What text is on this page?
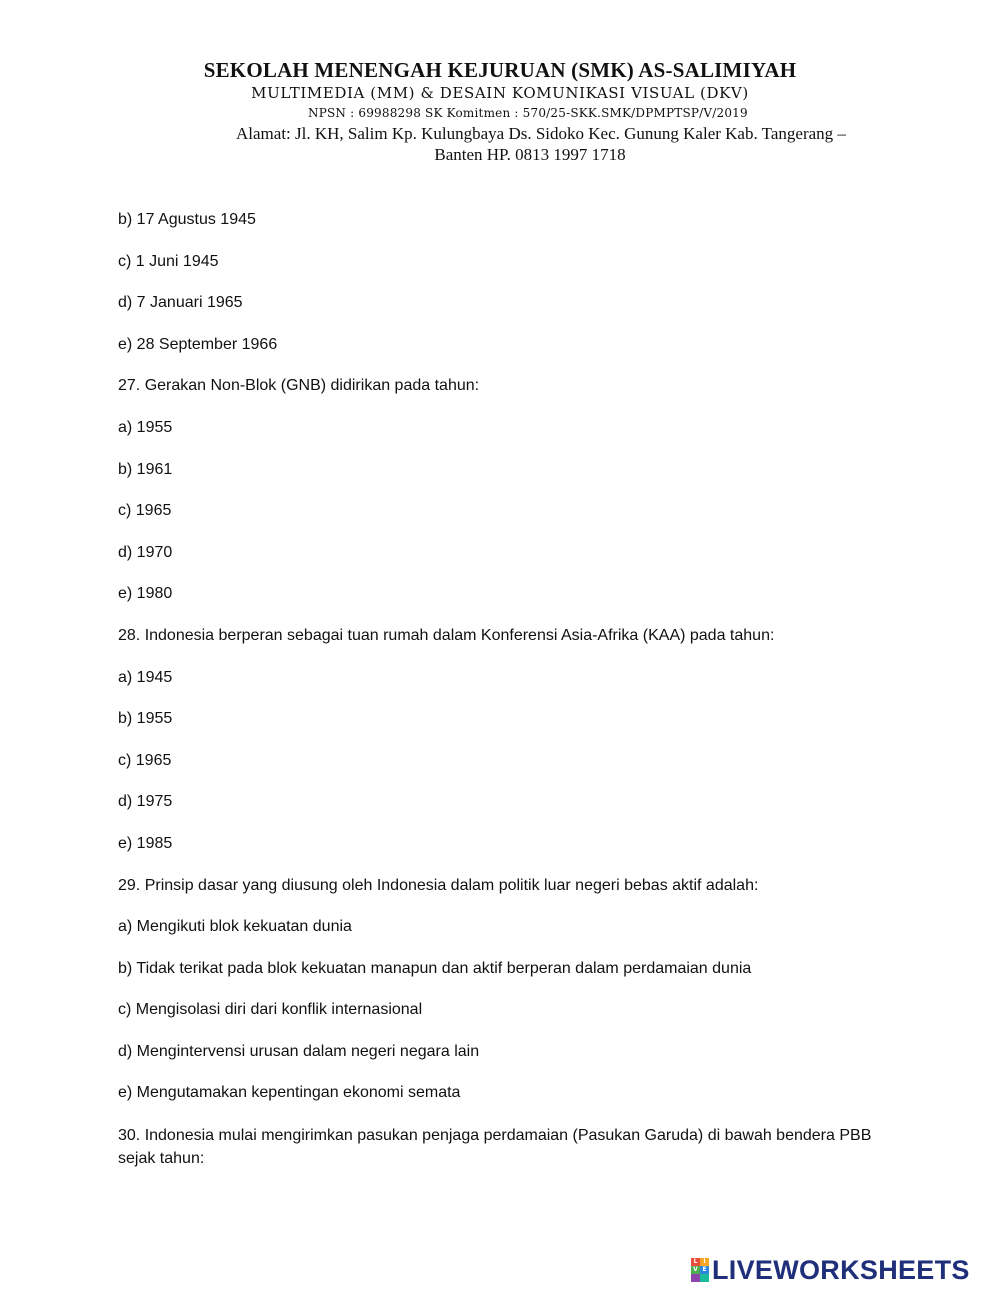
SEKOLAH MENENGAH KEJURUAN (SMK) AS-SALIMIYAH
MULTIMEDIA (MM) & DESAIN KOMUNIKASI VISUAL (DKV)
NPSN : 69988298 SK Komitmen : 570/25-SKK.SMK/DPMPTSP/V/2019
Alamat: Jl. KH, Salim Kp. Kulungbaya Ds. Sidoko Kec. Gunung Kaler Kab. Tangerang –
Banten HP. 0813 1997 1718
b) 17 Agustus 1945
c) 1 Juni 1945
d) 7 Januari 1965
e) 28 September 1966
27. Gerakan Non-Blok (GNB) didirikan pada tahun:
a) 1955
b) 1961
c) 1965
d) 1970
e) 1980
28. Indonesia berperan sebagai tuan rumah dalam Konferensi Asia-Afrika (KAA) pada tahun:
a) 1945
b) 1955
c) 1965
d) 1975
e) 1985
29. Prinsip dasar yang diusung oleh Indonesia dalam politik luar negeri bebas aktif adalah:
a) Mengikuti blok kekuatan dunia
b) Tidak terikat pada blok kekuatan manapun dan aktif berperan dalam perdamaian dunia
c) Mengisolasi diri dari konflik internasional
d) Mengintervensi urusan dalam negeri negara lain
e) Mengutamakan kepentingan ekonomi semata
30. Indonesia mulai mengirimkan pasukan penjaga perdamaian (Pasukan Garuda) di bawah bendera PBB sejak tahun:
L I
V E LIVEWORKSHEETS
